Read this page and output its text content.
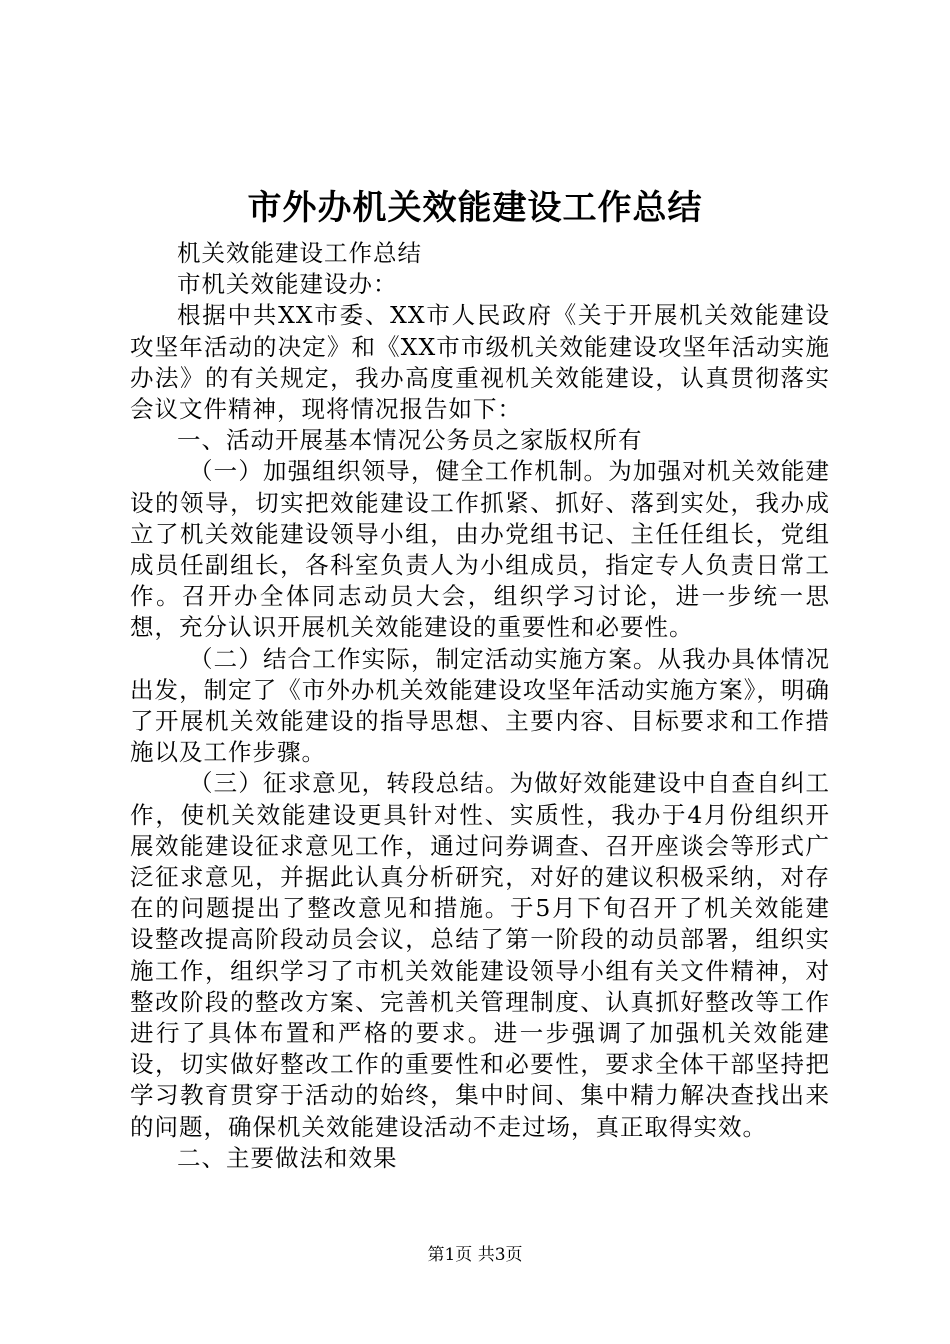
市外办机关效能建设工作总结

机关效能建设工作总结

市机关效能建设办：

根据中共XX市委、XX市人民政府《关于开展机关效能建设攻坚年活动的决定》和《XX市市级机关效能建设攻坚年活动实施办法》的有关规定，我办高度重视机关效能建设，认真贯彻落实会议文件精神，现将情况报告如下：

一、活动开展基本情况公务员之家版权所有

（一）加强组织领导，健全工作机制。为加强对机关效能建设的领导，切实把效能建设工作抓紧、抓好、落到实处，我办成立了机关效能建设领导小组，由办党组书记、主任任组长，党组成员任副组长，各科室负责人为小组成员，指定专人负责日常工作。召开办全体同志动员大会，组织学习讨论，进一步统一思想，充分认识开展机关效能建设的重要性和必要性。

（二）结合工作实际，制定活动实施方案。从我办具体情况出发，制定了《市外办机关效能建设攻坚年活动实施方案》，明确了开展机关效能建设的指导思想、主要内容、目标要求和工作措施以及工作步骤。

（三）征求意见，转段总结。为做好效能建设中自查自纠工作，使机关效能建设更具针对性、实质性，我办于4月份组织开展效能建设征求意见工作，通过问券调查、召开座谈会等形式广泛征求意见，并据此认真分析研究，对好的建议积极采纳，对存在的问题提出了整改意见和措施。于5月下旬召开了机关效能建设整改提高阶段动员会议，总结了第一阶段的动员部署，组织实施工作，组织学习了市机关效能建设领导小组有关文件精神，对整改阶段的整改方案、完善机关管理制度、认真抓好整改等工作进行了具体布置和严格的要求。进一步强调了加强机关效能建设，切实做好整改工作的重要性和必要性，要求全体干部坚持把学习教育贯穿于活动的始终，集中时间、集中精力解决查找出来的问题，确保机关效能建设活动不走过场，真正取得实效。

二、主要做法和效果

第1页 共3页
